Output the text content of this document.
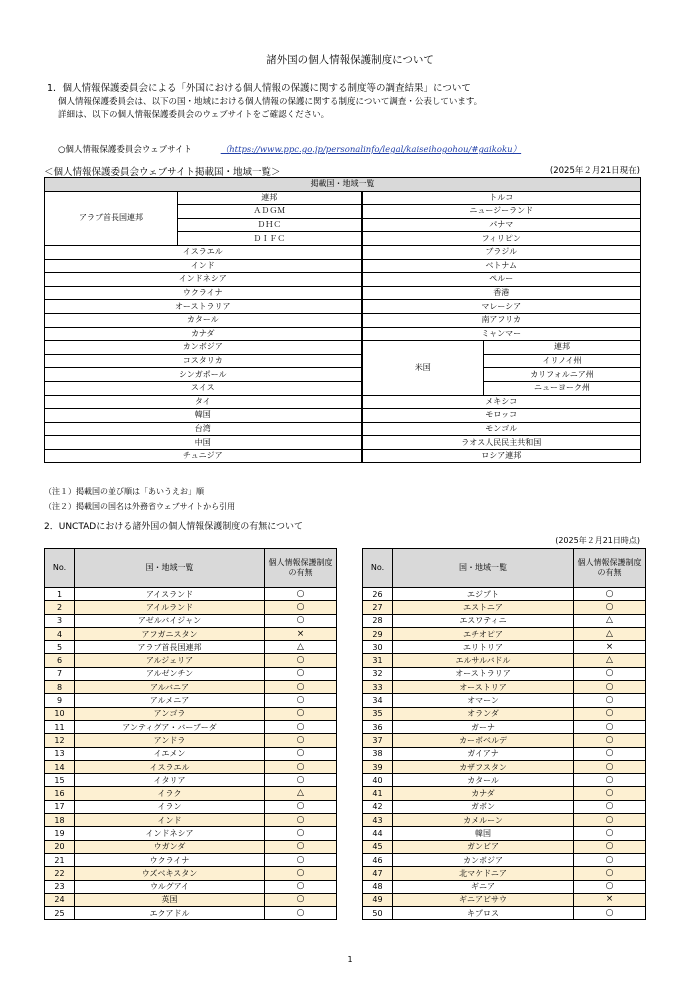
諸外国の個人情報保護制度について
1．個人情報保護委員会による「外国における個人情報の保護に関する制度等の調査結果」について
個人情報保護委員会は、以下の国・地域における個人情報の保護に関する制度について調査・公表しています。
詳細は、以下の個人情報保護委員会のウェブサイトをご確認ください。
○個人情報保護委員会ウェブサイト	（https://www.ppc.go.jp/personalinfo/legal/kaiseihogohou/#gaikoku）
＜個人情報保護委員会ウェブサイト掲載国・地域一覧＞	(2025年２月21日現在)
掲載国・地域一覧			
アラブ首長国連邦	連邦	トルコ	
	ＡＤＧＭ	ニュージーランド	
	ＤＨＣ	パナマ	
	ＤＩＦＣ	フィリピン	
イスラエル		ブラジル	
インド		ベトナム	
インドネシア		ペルー	
ウクライナ		香港	
オーストラリア		マレーシア	
カタール		南アフリカ	
カナダ		ミャンマー	
カンボジア		米国	連邦
コスタリカ			イリノイ州
シンガポール			カリフォルニア州
スイス			ニューヨーク州
タイ		メキシコ	
韓国		モロッコ	
台湾		モンゴル	
中国		ラオス人民民主共和国	
チュニジア		ロシア連邦	
（注１）掲載国の並び順は「あいうえお」順
（注２）掲載国の国名は外務省ウェブサイトから引用
2．UNCTADにおける諸外国の個人情報保護制度の有無について
(2025年２月21日時点)
No.	国・地域一覧	個人情報保護制度の有無
1	アイスランド	○
2	アイルランド	○
3	アゼルバイジャン	○
4	アフガニスタン	×
5	アラブ首長国連邦	△
6	アルジェリア	○
7	アルゼンチン	○
8	アルバニア	○
9	アルメニア	○
10	アンゴラ	○
11	アンティグア・バーブーダ	○
12	アンドラ	○
13	イエメン	○
14	イスラエル	○
15	イタリア	○
16	イラク	△
17	イラン	○
18	インド	○
19	インドネシア	○
20	ウガンダ	○
21	ウクライナ	○
22	ウズベキスタン	○
23	ウルグアイ	○
24	英国	○
25	エクアドル	○
No.	国・地域一覧	個人情報保護制度の有無
26	エジプト	○
27	エストニア	○
28	エスワティニ	△
29	エチオピア	△
30	エリトリア	×
31	エルサルバドル	△
32	オーストラリア	○
33	オーストリア	○
34	オマーン	○
35	オランダ	○
36	ガーナ	○
37	カーボベルデ	○
38	ガイアナ	○
39	カザフスタン	○
40	カタール	○
41	カナダ	○
42	ガボン	○
43	カメルーン	○
44	韓国	○
45	ガンビア	○
46	カンボジア	○
47	北マケドニア	○
48	ギニア	○
49	ギニアビサウ	×
50	キプロス	○
1
